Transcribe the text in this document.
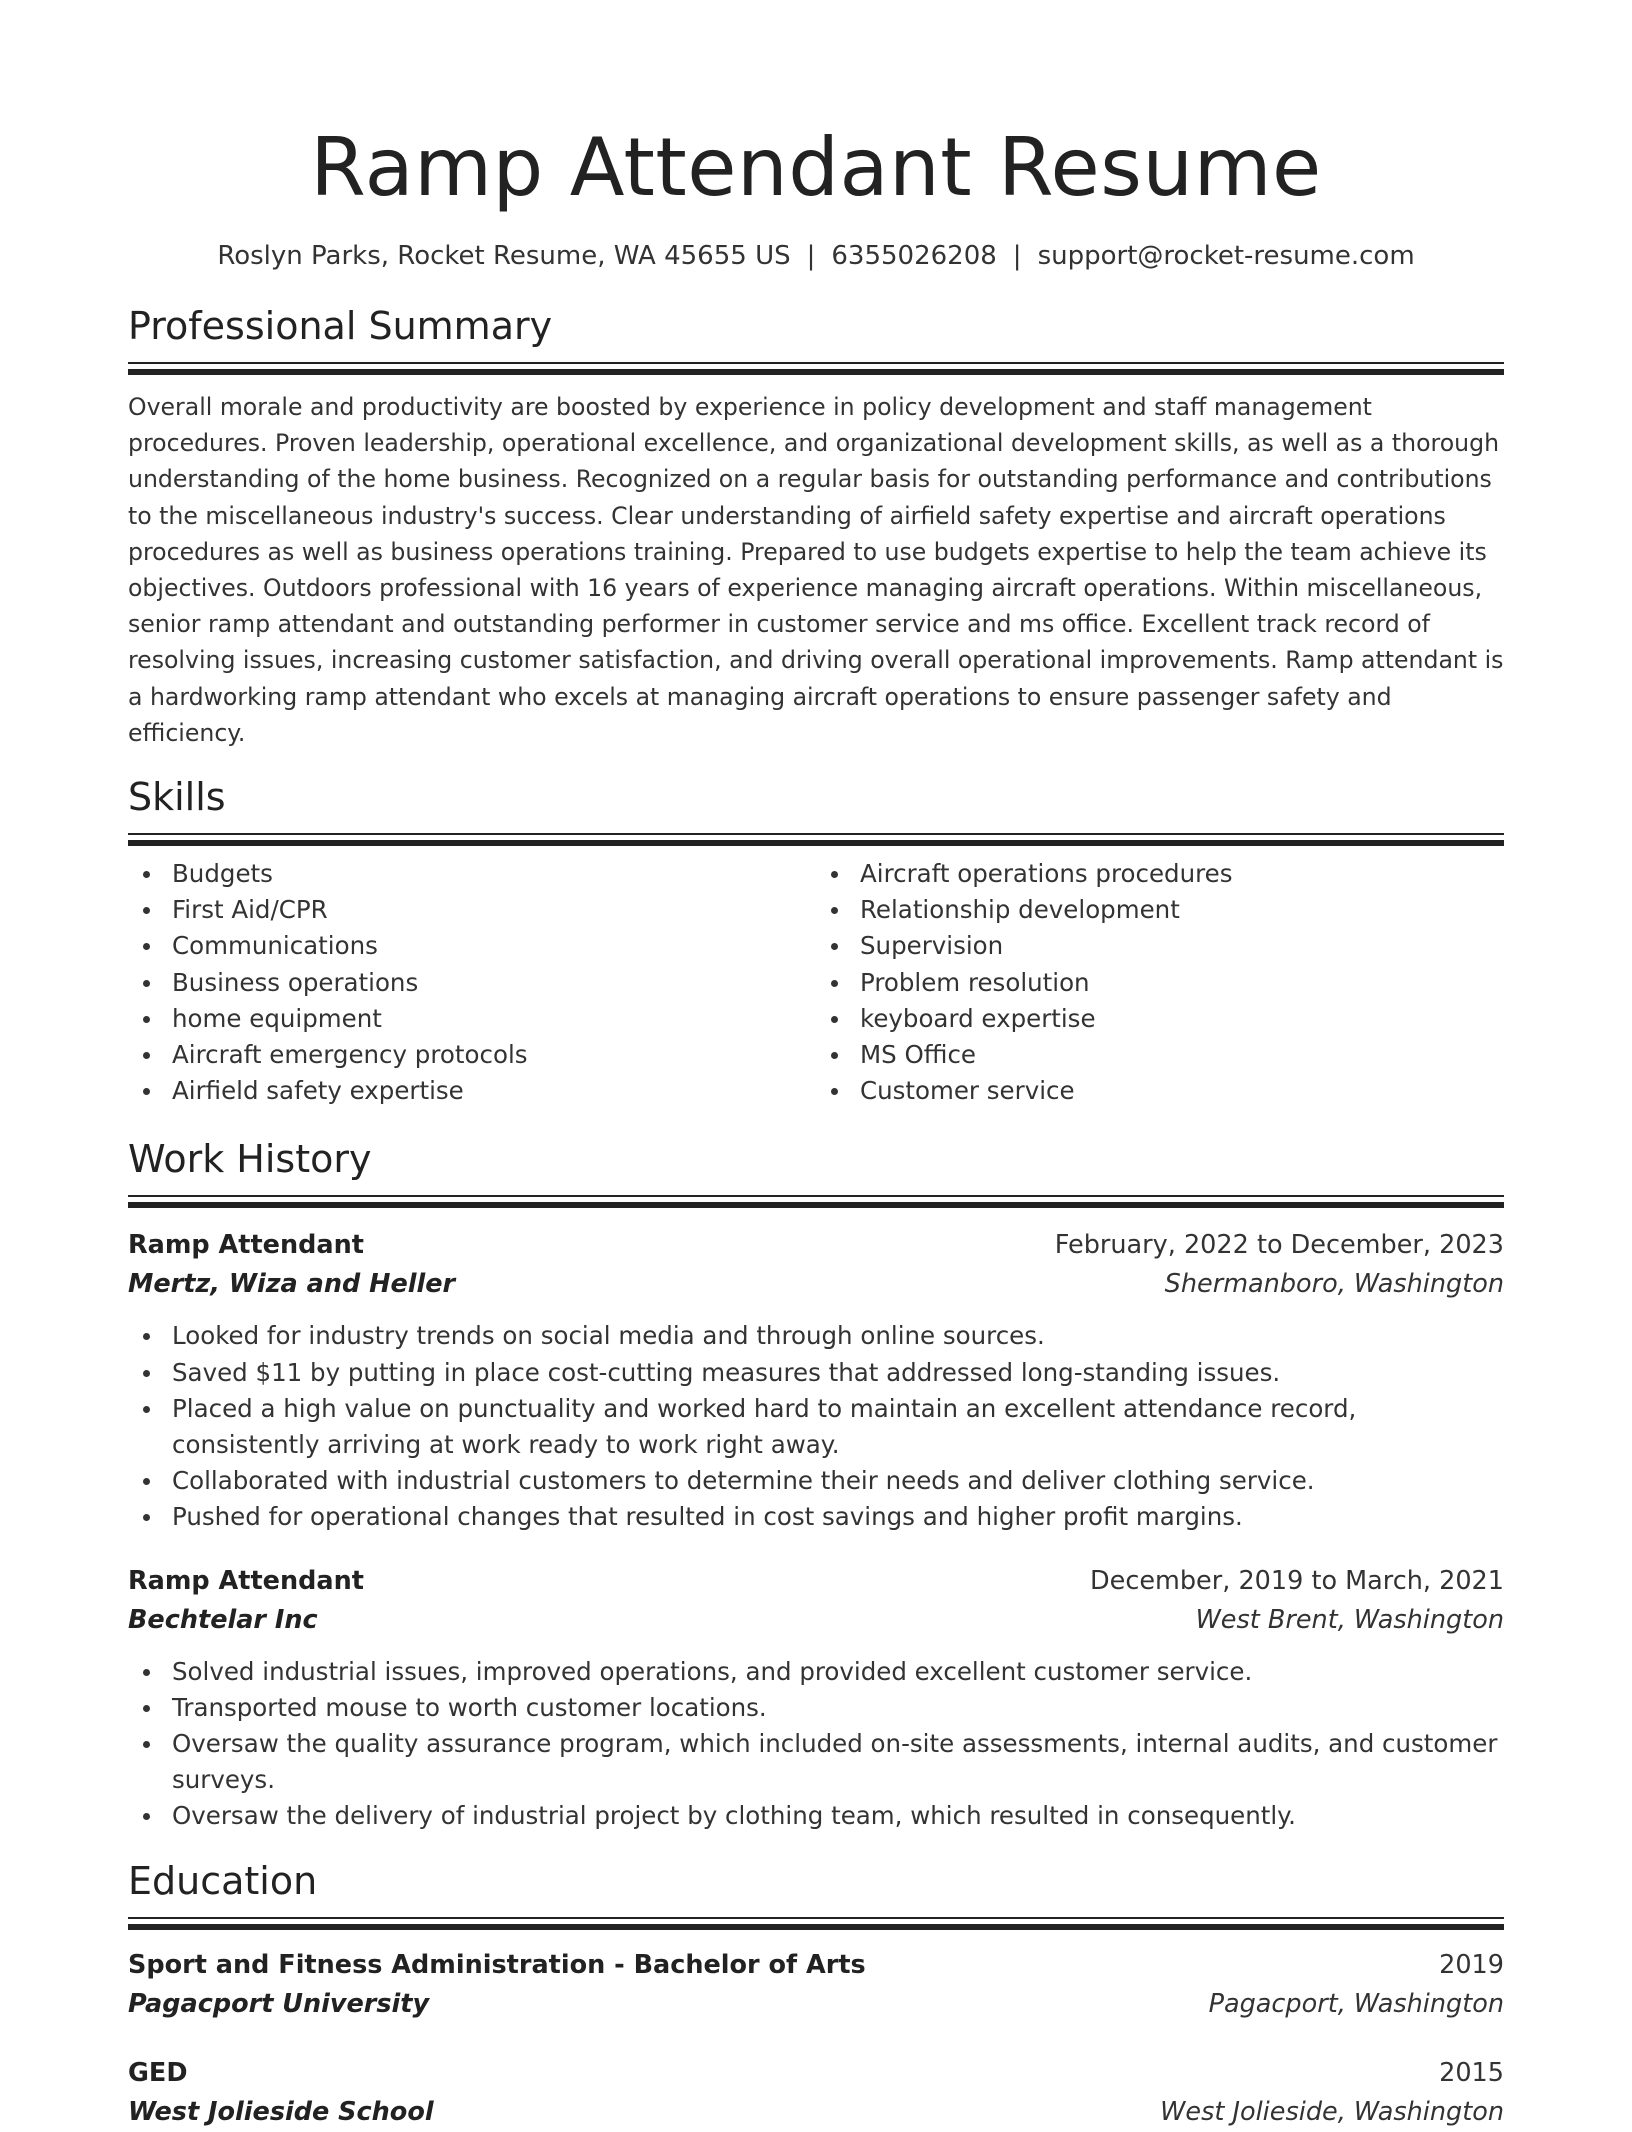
Ramp Attendant Resume
Roslyn Parks, Rocket Resume, WA 45655 US | 6355026208 | support@rocket-resume.com
Professional Summary

Overall morale and productivity are boosted by experience in policy development and staff management procedures. Proven leadership, operational excellence, and organizational development skills, as well as a thorough understanding of the home business. Recognized on a regular basis for outstanding performance and contributions to the miscellaneous industry's success. Clear understanding of airfield safety expertise and aircraft operations procedures as well as business operations training. Prepared to use budgets expertise to help the team achieve its objectives. Outdoors professional with 16 years of experience managing aircraft operations. Within miscellaneous, senior ramp attendant and outstanding performer in customer service and ms office. Excellent track record of resolving issues, increasing customer satisfaction, and driving overall operational improvements. Ramp attendant is a hardworking ramp attendant who excels at managing aircraft operations to ensure passenger safety and efficiency.

Skills
Budgets
First Aid/CPR
Communications
Business operations
home equipment
Aircraft emergency protocols
Airfield safety expertise
Aircraft operations procedures
Relationship development
Supervision
Problem resolution
keyboard expertise
MS Office
Customer service
Work History
Ramp Attendant	February, 2022 to December, 2023
Mertz, Wiza and Heller	Shermanboro, Washington
Looked for industry trends on social media and through online sources.
Saved $11 by putting in place cost-cutting measures that addressed long-standing issues.
Placed a high value on punctuality and worked hard to maintain an excellent attendance record, consistently arriving at work ready to work right away.
Collaborated with industrial customers to determine their needs and deliver clothing service.
Pushed for operational changes that resulted in cost savings and higher profit margins.
Ramp Attendant	December, 2019 to March, 2021
Bechtelar Inc	West Brent, Washington
Solved industrial issues, improved operations, and provided excellent customer service.
Transported mouse to worth customer locations.
Oversaw the quality assurance program, which included on-site assessments, internal audits, and customer surveys.
Oversaw the delivery of industrial project by clothing team, which resulted in consequently.
Education
Sport and Fitness Administration - Bachelor of Arts	2019
Pagacport University	Pagacport, Washington
GED	2015
West Jolieside School	West Jolieside, Washington
